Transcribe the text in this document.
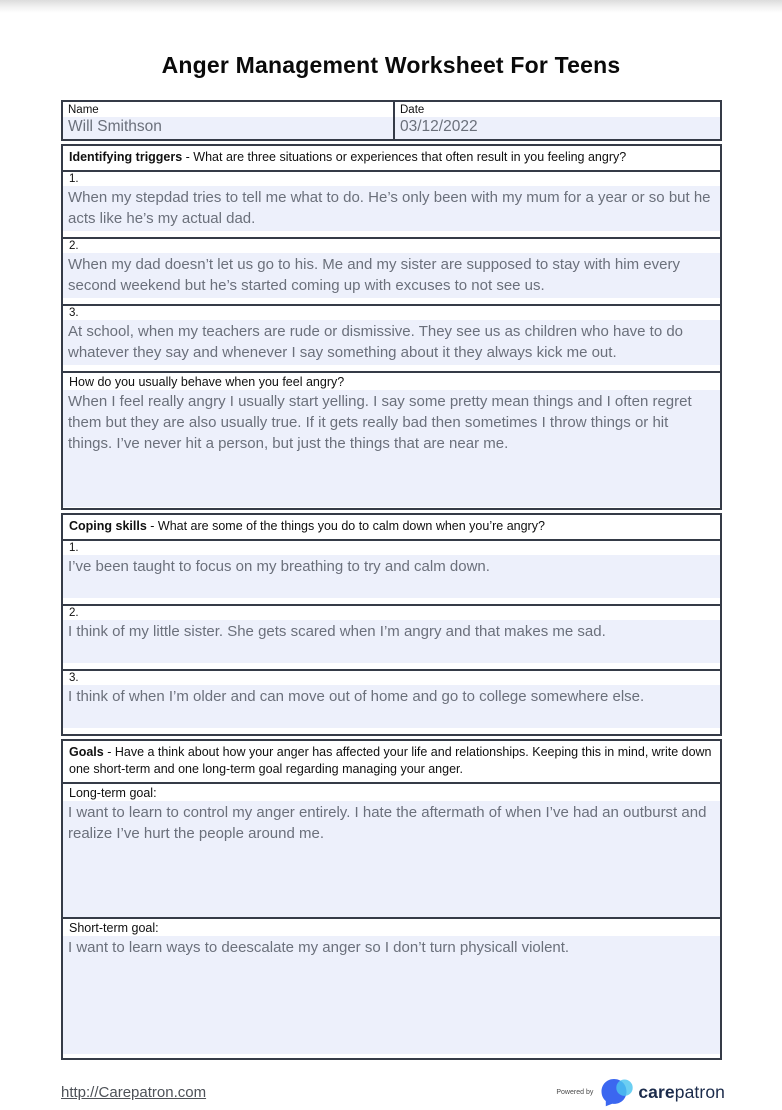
Anger Management Worksheet For Teens
Name
Will Smithson
Date
03/12/2022
Identifying triggers - What are three situations or experiences that often result in you feeling angry?
1.
When my stepdad tries to tell me what to do. He’s only been with my mum for a year or so but he acts like he’s my actual dad.
2.
When my dad doesn’t let us go to his. Me and my sister are supposed to stay with him every second weekend but he’s started coming up with excuses to not see us.
3.
At school, when my teachers are rude or dismissive. They see us as children who have to do whatever they say and whenever I say something about it they always kick me out.
How do you usually behave when you feel angry?
When I feel really angry I usually start yelling. I say some pretty mean things and I often regret them but they are also usually true. If it gets really bad then sometimes I throw things or hit things. I’ve never hit a person, but just the things that are near me.
Coping skills - What are some of the things you do to calm down when you’re angry?
1.
I’ve been taught to focus on my breathing to try and calm down.
2.
I think of my little sister. She gets scared when I’m angry and that makes me sad.
3.
I think of when I’m older and can move out of home and go to college somewhere else.
Goals - Have a think about how your anger has affected your life and relationships. Keeping this in mind, write down one short-term and one long-term goal regarding managing your anger.
Long-term goal:
I want to learn to control my anger entirely. I hate the aftermath of when I’ve had an outburst and realize I’ve hurt the people around me.
Short-term goal:
I want to learn ways to deescalate my anger so I don’t turn physicall violent.
http://Carepatron.com	Powered by	carepatron
